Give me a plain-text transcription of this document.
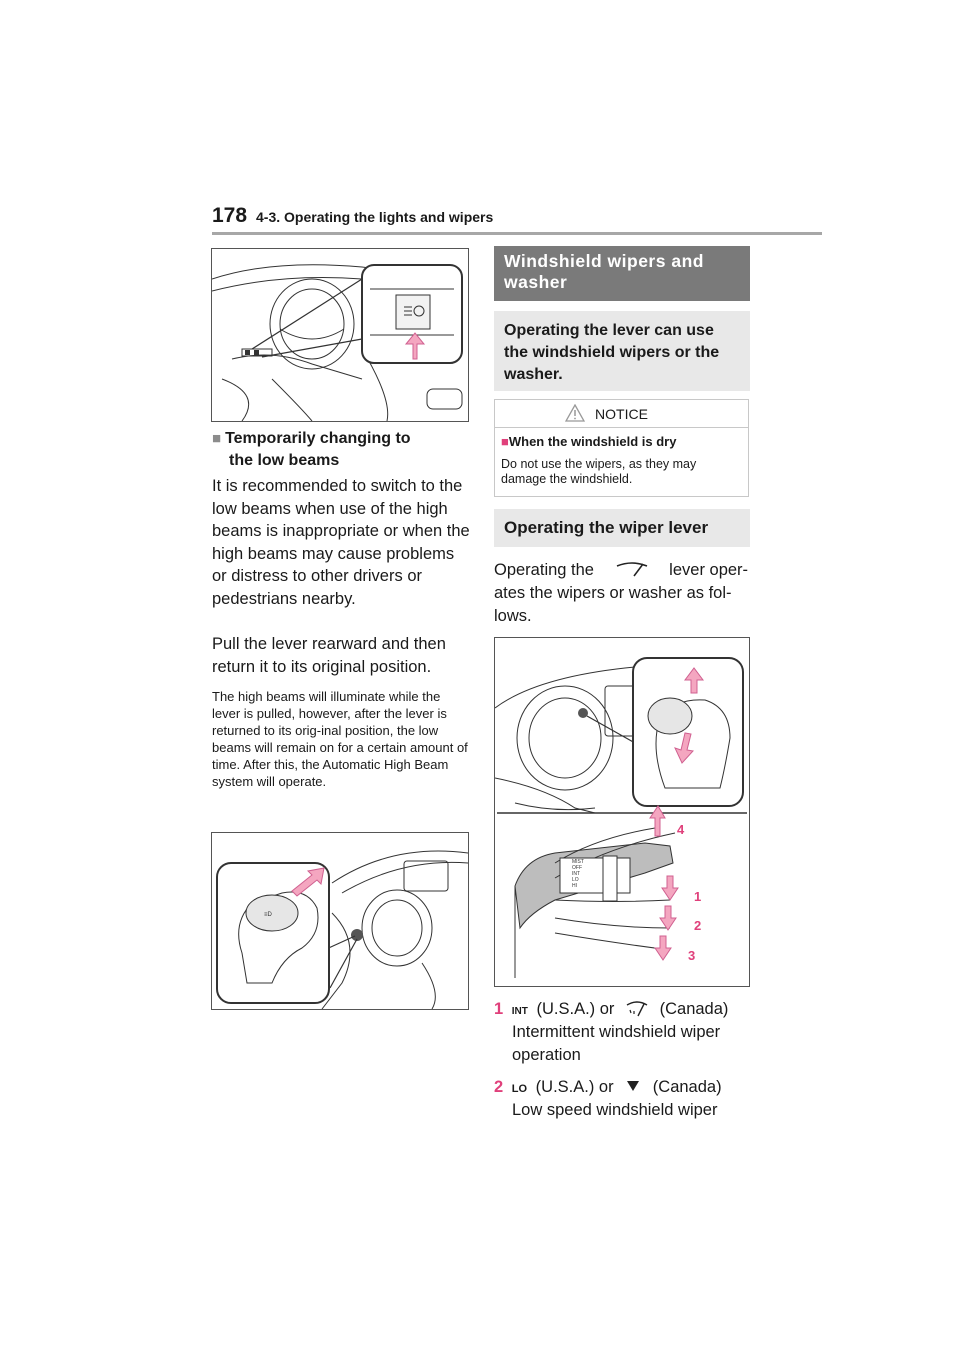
178 4-3. Operating the lights and wipers
■ Temporarily changing to
the low beams
It is recommended to switch to the low beams when use of the high beams is inappropriate or when the high beams may cause problems or distress to other drivers or pedestrians nearby.
Pull the lever rearward and then return it to its original position.
The high beams will illuminate while the lever is pulled, however, after the lever is returned to its orig-inal position, the low beams will remain on for a certain amount of time. After this, the Automatic High Beam system will operate.
≡D
Windshield wipers and
washer
Operating the lever can use the windshield wipers or the washer.
NOTICE
■When the windshield is dry
Do not use the wipers, as they may damage the windshield.
Operating the wiper lever
Operating the	lever oper-
ates the wipers or washer as fol-
lows.
MIST
OFF
INT
LO
HI
4
1
2
3
1 INT (U.S.A.) or	(Canada)
Intermittent windshield wiper
operation
2 LO (U.S.A.) or (Canada)
Low speed windshield wiper
